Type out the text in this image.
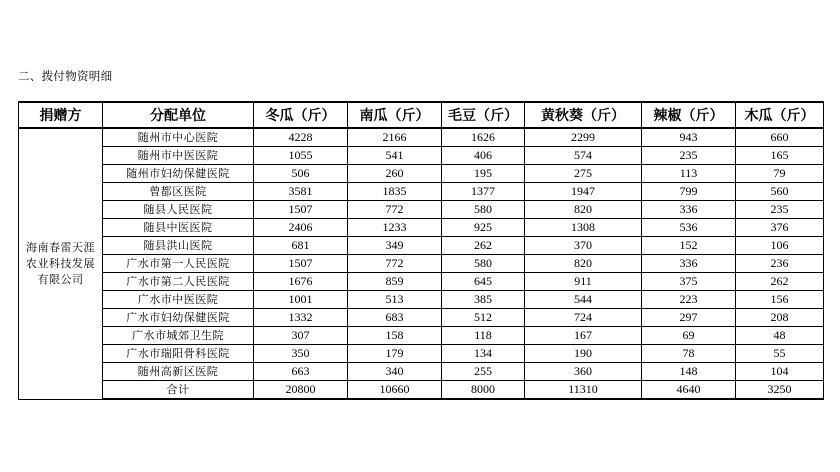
二、拨付物资明细
捐赠方	分配单位	冬瓜（斤）	南瓜（斤）	毛豆（斤）	黄秋葵（斤）	辣椒（斤）	木瓜（斤）
海南春雷天涯农业科技发展有限公司	随州市中心医院	4228	2166	1626	2299	943	660
	随州市中医医院	1055	541	406	574	235	165
	随州市妇幼保健医院	506	260	195	275	113	79
	曾都区医院	3581	1835	1377	1947	799	560
	随县人民医院	1507	772	580	820	336	235
	随县中医医院	2406	1233	925	1308	536	376
	随县洪山医院	681	349	262	370	152	106
	广水市第一人民医院	1507	772	580	820	336	236
	广水市第二人民医院	1676	859	645	911	375	262
	广水市中医医院	1001	513	385	544	223	156
	广水市妇幼保健医院	1332	683	512	724	297	208
	广水市城郊卫生院	307	158	118	167	69	48
	广水市瑞阳骨科医院	350	179	134	190	78	55
	随州高新区医院	663	340	255	360	148	104
	合计	20800	10660	8000	11310	4640	3250
